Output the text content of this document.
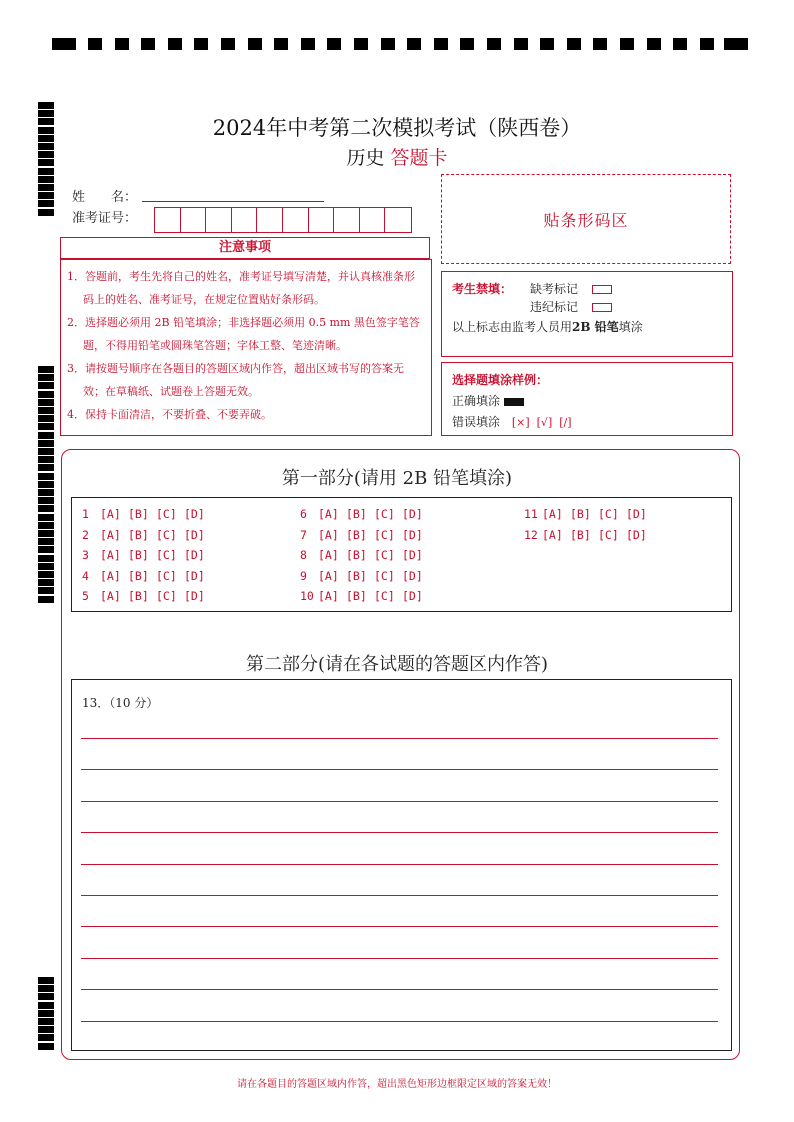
2024年中考第二次模拟考试（陕西卷）
历史 答题卡
姓　　名：
准考证号：	贴条形码区
注意事项
1．答题前，考生先将自己的姓名，准考证号填写清楚，并认真核准条形码上的姓名、准考证号，在规定位置贴好条形码。
2．选择题必须用 2B 铅笔填涂；非选择题必须用 0.5 mm 黑色签字笔答题，不得用铅笔或圆珠笔答题；字体工整、笔迹清晰。
3．请按题号顺序在各题目的答题区域内作答，超出区域书写的答案无效；在草稿纸、试题卷上答题无效。
4．保持卡面清洁，不要折叠、不要弄破。
考生禁填： 缺考标记
违纪标记
以上标志由监考人员用2B 铅笔填涂
选择题填涂样例：
正确填涂
错误填涂 [×]  [√]  [/]
第一部分(请用 2B 铅笔填涂)
第二部分(请在各试题的答题区内作答)
13．（10 分）
请在各题目的答题区域内作答，超出黑色矩形边框限定区域的答案无效！
1 [A] [B] [C] [D]
2 [A] [B] [C] [D]
3 [A] [B] [C] [D]
4 [A] [B] [C] [D]
5 [A] [B] [C] [D]
6 [A] [B] [C] [D]
7 [A] [B] [C] [D]
8 [A] [B] [C] [D]
9 [A] [B] [C] [D]
10 [A] [B] [C] [D]
11 [A] [B] [C] [D]
12 [A] [B] [C] [D]
